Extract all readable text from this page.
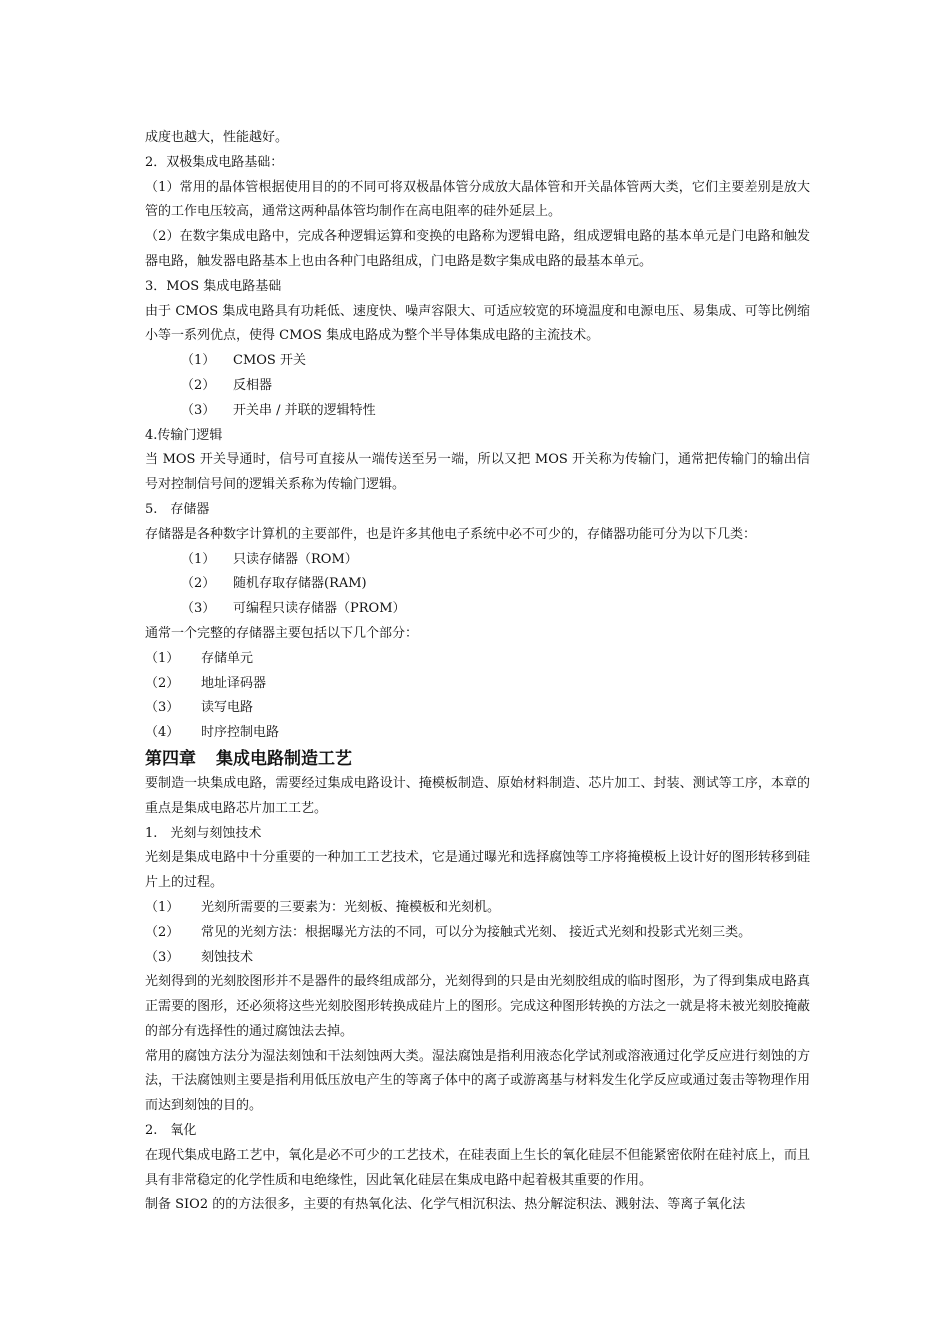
成度也越大，性能越好。

2．双极集成电路基础：

（1）常用的晶体管根据使用目的的不同可将双极晶体管分成放大晶体管和开关晶体管两大类，它们主要差别是放大管的工作电压较高，通常这两种晶体管均制作在高电阻率的硅外延层上。

（2）在数字集成电路中，完成各种逻辑运算和变换的电路称为逻辑电路，组成逻辑电路的基本单元是门电路和触发器电路，触发器电路基本上也由各种门电路组成，门电路是数字集成电路的最基本单元。

3．MOS 集成电路基础

由于 CMOS 集成电路具有功耗低、速度快、噪声容限大、可适应较宽的环境温度和电源电压、易集成、可等比例缩小等一系列优点，使得 CMOS 集成电路成为整个半导体集成电路的主流技术。

（1） CMOS 开关

（2） 反相器

（3） 开关串 / 并联的逻辑特性

4.传输门逻辑

当 MOS 开关导通时，信号可直接从一端传送至另一端，所以又把 MOS 开关称为传输门，通常把传输门的输出信号对控制信号间的逻辑关系称为传输门逻辑。

5.　存储器

存储器是各种数字计算机的主要部件，也是许多其他电子系统中必不可少的，存储器功能可分为以下几类：

（1） 只读存储器（ROM）

（2） 随机存取存储器(RAM)

（3） 可编程只读存储器（PROM）

通常一个完整的存储器主要包括以下几个部分：

（1） 存储单元

（2） 地址译码器

（3） 读写电路

（4） 时序控制电路

第四章 集成电路制造工艺

要制造一块集成电路，需要经过集成电路设计、掩模板制造、原始材料制造、芯片加工、封装、测试等工序，本章的重点是集成电路芯片加工工艺。

1.　光刻与刻蚀技术

光刻是集成电路中十分重要的一种加工工艺技术，它是通过曝光和选择腐蚀等工序将掩模板上设计好的图形转移到硅片上的过程。

（1） 光刻所需要的三要素为：光刻板、掩模板和光刻机。

（2） 常见的光刻方法：根据曝光方法的不同，可以分为接触式光刻、 接近式光刻和投影式光刻三类。

（3） 刻蚀技术

光刻得到的光刻胶图形并不是器件的最终组成部分，光刻得到的只是由光刻胶组成的临时图形，为了得到集成电路真正需要的图形，还必须将这些光刻胶图形转换成硅片上的图形。完成这种图形转换的方法之一就是将未被光刻胶掩蔽的部分有选择性的通过腐蚀法去掉。

常用的腐蚀方法分为湿法刻蚀和干法刻蚀两大类。湿法腐蚀是指利用液态化学试剂或溶液通过化学反应进行刻蚀的方法，干法腐蚀则主要是指利用低压放电产生的等离子体中的离子或游离基与材料发生化学反应或通过轰击等物理作用而达到刻蚀的目的。

2.　氧化

在现代集成电路工艺中，氧化是必不可少的工艺技术，在硅表面上生长的氧化硅层不但能紧密依附在硅衬底上，而且具有非常稳定的化学性质和电绝缘性，因此氧化硅层在集成电路中起着极其重要的作用。

制备 SIO2 的的方法很多，主要的有热氧化法、化学气相沉积法、热分解淀积法、溅射法、等离子氧化法
